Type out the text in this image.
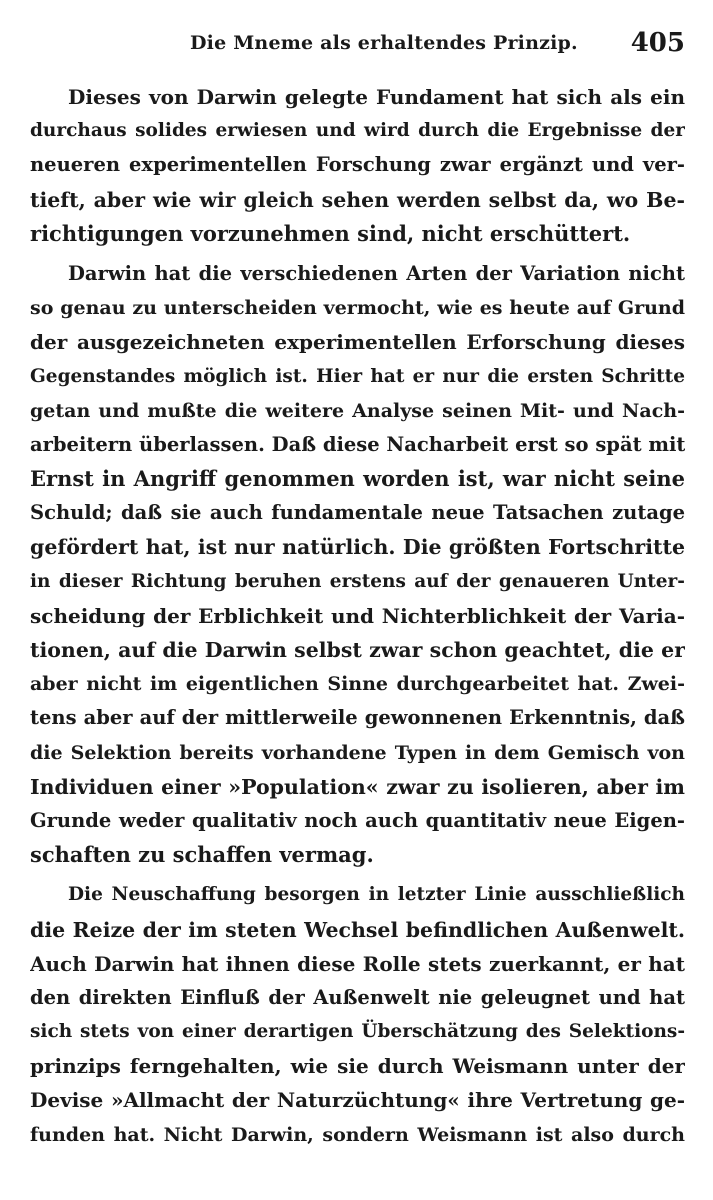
Die Mneme als erhaltendes Prinzip. 405
Dieses von Darwin gelegte Fundament hat sich als ein
durchaus solides erwiesen und wird durch die Ergebnisse der
neueren experimentellen Forschung zwar ergänzt und ver-
tieft, aber wie wir gleich sehen werden selbst da, wo Be-
richtigungen vorzunehmen sind, nicht erschüttert.
Darwin hat die verschiedenen Arten der Variation nicht
so genau zu unterscheiden vermocht, wie es heute auf Grund
der ausgezeichneten experimentellen Erforschung dieses
Gegenstandes möglich ist. Hier hat er nur die ersten Schritte
getan und mußte die weitere Analyse seinen Mit- und Nach-
arbeitern überlassen. Daß diese Nacharbeit erst so spät mit
Ernst in Angriff genommen worden ist, war nicht seine
Schuld; daß sie auch fundamentale neue Tatsachen zutage
gefördert hat, ist nur natürlich. Die größten Fortschritte
in dieser Richtung beruhen erstens auf der genaueren Unter-
scheidung der Erblichkeit und Nichterblichkeit der Varia-
tionen, auf die Darwin selbst zwar schon geachtet, die er
aber nicht im eigentlichen Sinne durchgearbeitet hat. Zwei-
tens aber auf der mittlerweile gewonnenen Erkenntnis, daß
die Selektion bereits vorhandene Typen in dem Gemisch von
Individuen einer »Population« zwar zu isolieren, aber im
Grunde weder qualitativ noch auch quantitativ neue Eigen-
schaften zu schaffen vermag.
Die Neuschaffung besorgen in letzter Linie ausschließlich
die Reize der im steten Wechsel befindlichen Außenwelt.
Auch Darwin hat ihnen diese Rolle stets zuerkannt, er hat
den direkten Einfluß der Außenwelt nie geleugnet und hat
sich stets von einer derartigen Überschätzung des Selektions-
prinzips ferngehalten, wie sie durch Weismann unter der
Devise »Allmacht der Naturzüchtung« ihre Vertretung ge-
funden hat. Nicht Darwin, sondern Weismann ist also durch
